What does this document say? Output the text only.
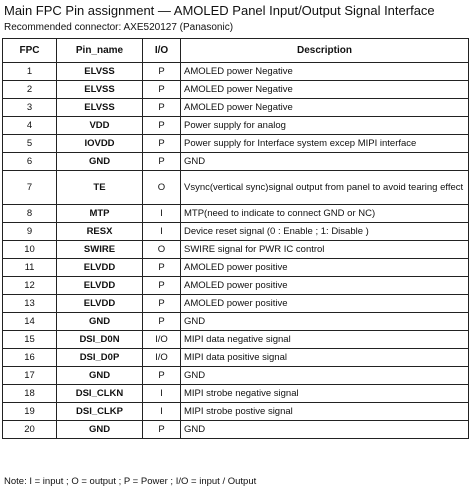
Main FPC Pin assignment — AMOLED Panel Input/Output Signal Interface
Recommended connector: AXE520127 (Panasonic)
FPC	Pin_name	I/O	Description
1	ELVSS	P	AMOLED power Negative
2	ELVSS	P	AMOLED power Negative
3	ELVSS	P	AMOLED power Negative
4	VDD	P	Power supply for analog
5	IOVDD	P	Power supply for Interface system excep MIPI interface
6	GND	P	GND
7	TE	O	Vsync(vertical sync)signal output from panel to avoid tearing effect
8	MTP	I	MTP(need to indicate to connect GND or NC)
9	RESX	I	Device reset signal (0 : Enable ; 1: Disable )
10	SWIRE	O	SWIRE signal for PWR IC control
11	ELVDD	P	AMOLED power positive
12	ELVDD	P	AMOLED power positive
13	ELVDD	P	AMOLED power positive
14	GND	P	GND
15	DSI_D0N	I/O	MIPI data negative signal
16	DSI_D0P	I/O	MIPI data positive signal
17	GND	P	GND
18	DSI_CLKN	I	MIPI strobe negative signal
19	DSI_CLKP	I	MIPI strobe postive signal
20	GND	P	GND
Note: I = input ; O = output ; P = Power ; I/O = input / Output
